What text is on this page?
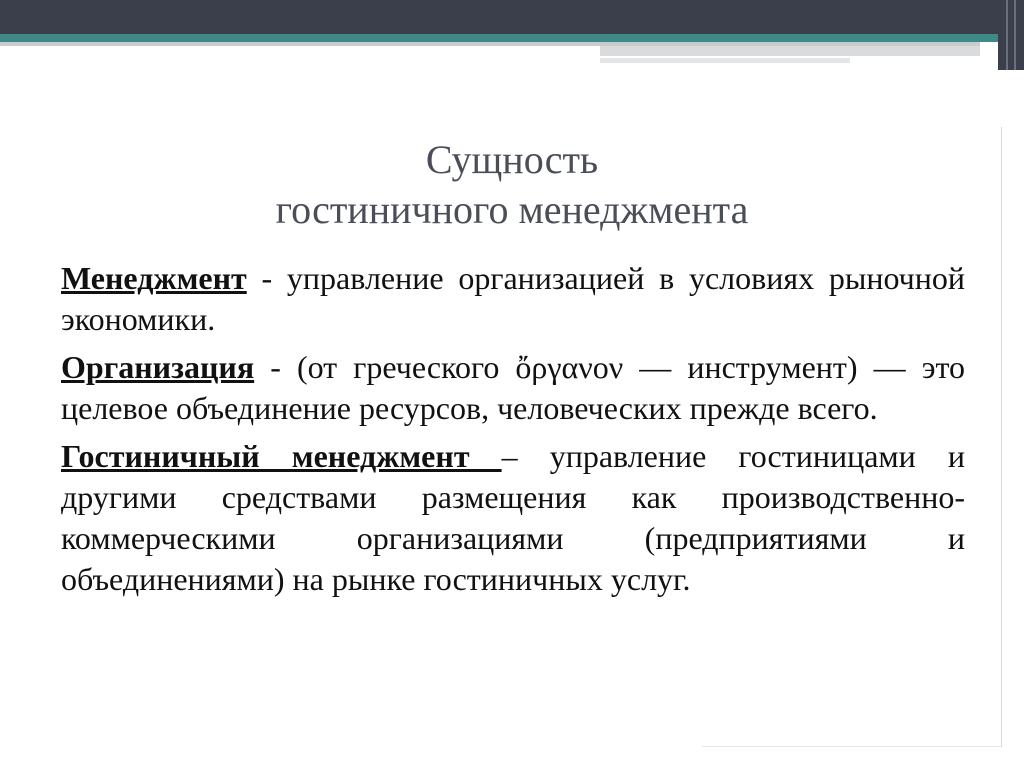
Сущность
гостиничного менеджмента

Менеджмент - управление организацией в условиях рыночной экономики.

Организация - (от греческого ὄργανον — инструмент) — это целевое объединение ресурсов, человеческих прежде всего.

Гостиничный менеджмент – управление гостиницами и другими средствами размещения как производственно-коммерческими организациями (предприятиями и объединениями) на рынке гостиничных услуг.
